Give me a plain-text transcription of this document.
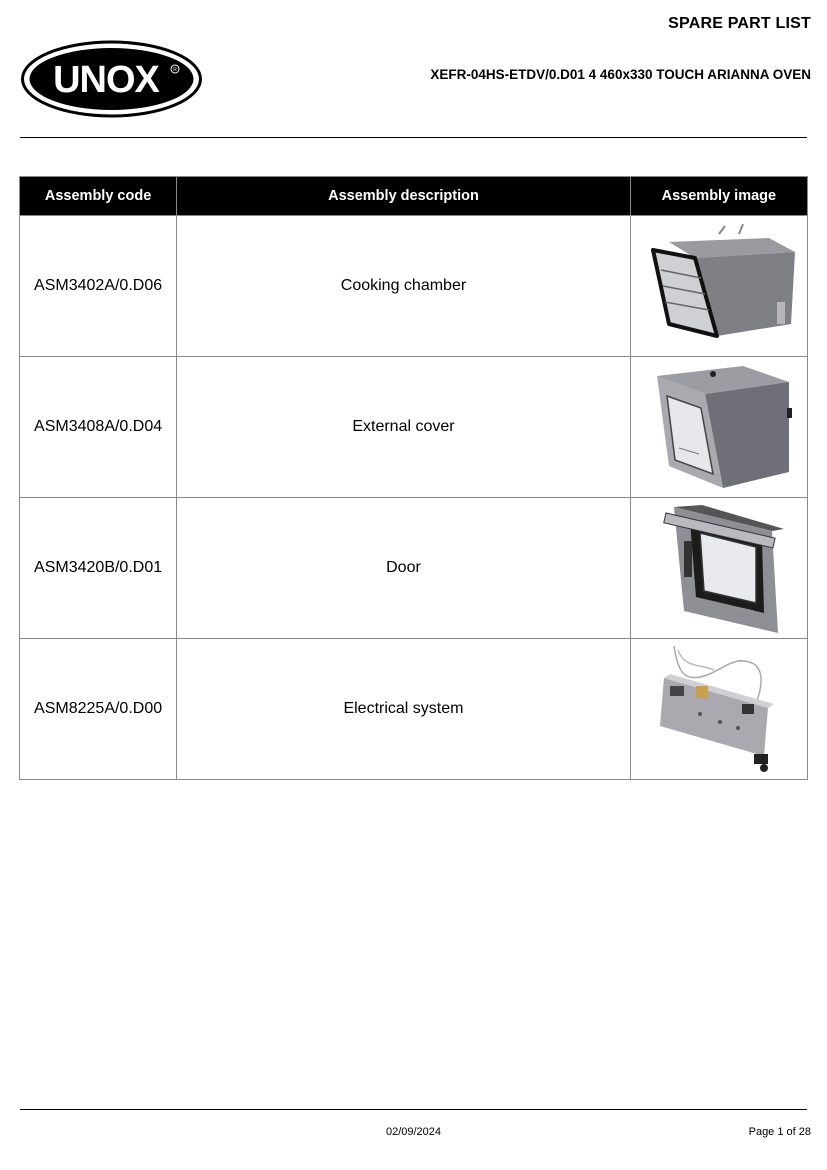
SPARE PART LIST
UNOX	R	XEFR-04HS-ETDV/0.D01 4 460x330 TOUCH ARIANNA OVEN
Assembly code	Assembly description	Assembly image
ASM3402A/0.D06	Cooking chamber	

ASM3408A/0.D04	External cover	

ASM3420B/0.D01	Door	XEFR

ASM8225A/0.D00	Electrical system	
02/09/2024	Page 1 of 28
